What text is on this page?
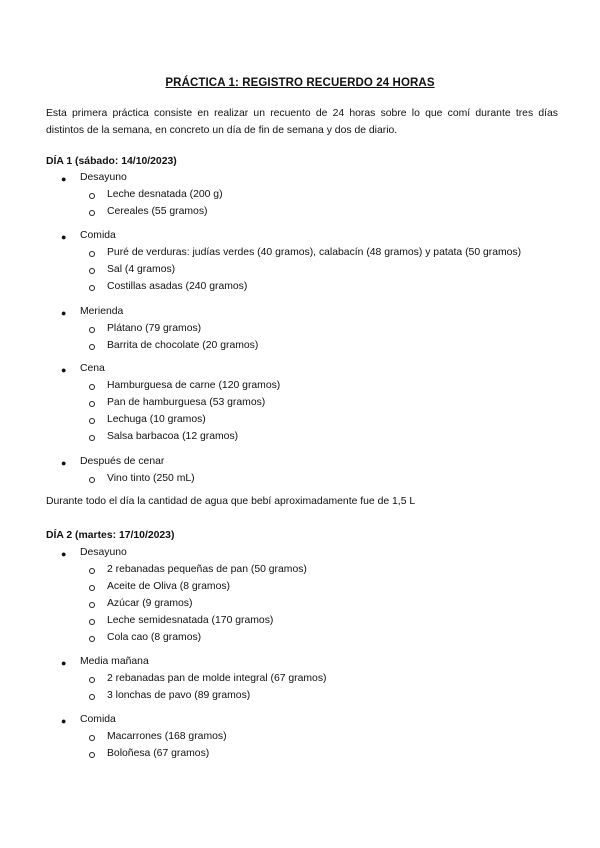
PRÁCTICA 1: REGISTRO RECUERDO 24 HORAS
Esta primera práctica consiste en realizar un recuento de 24 horas sobre lo que comí durante tres días distintos de la semana, en concreto un día de fin de semana y dos de diario.
DÍA 1 (sábado: 14/10/2023)
● Desayuno
Leche desnatada (200 g)
Cereales (55 gramos)
● Comida
Puré de verduras: judías verdes (40 gramos), calabacín (48 gramos) y patata (50 gramos)
Sal (4 gramos)
Costillas asadas (240 gramos)
● Merienda
Plátano (79 gramos)
Barrita de chocolate (20 gramos)
● Cena
Hamburguesa de carne (120 gramos)
Pan de hamburguesa (53 gramos)
Lechuga (10 gramos)
Salsa barbacoa (12 gramos)
● Después de cenar
Vino tinto (250 mL)
Durante todo el día la cantidad de agua que bebí aproximadamente fue de 1,5 L
DÍA 2 (martes: 17/10/2023)
● Desayuno
2 rebanadas pequeñas de pan (50 gramos)
Aceite de Oliva (8 gramos)
Azúcar (9 gramos)
Leche semidesnatada (170 gramos)
Cola cao (8 gramos)
● Media mañana
2 rebanadas pan de molde integral (67 gramos)
3 lonchas de pavo (89 gramos)
● Comida
Macarrones (168 gramos)
Boloñesa (67 gramos)
